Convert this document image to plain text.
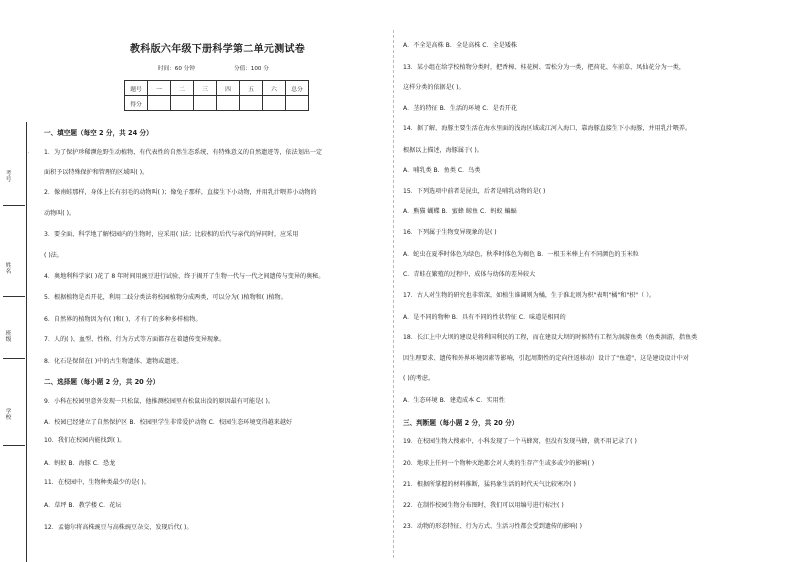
·
考号
姓名
班级
学校
教科版六年级下册科学第二单元测试卷
时间：60 分钟	分值：100 分
题号	一	二	三	四	五	六	总分
得分							
一、填空题（每空 2 分，共 24 分）
1．为了保护珍稀濒危野生动植物、有代表性的自然生态系统、有特殊意义的自然遗迹等，依法划出一定
面积予以特殊保护和管理的区域叫( )。
2．像南蛙那样，身体上长有羽毛的动物叫( )；像兔子那样，直接生下小动物，并用乳汁喂养小动物的
动物叫( )。
3．要全面、科学地了解校园内的生物时，应采用( )法；比较相的后代与亲代的异同时，应采用
( )法。
4．奥地利科学家( )花了 8 年时间用豌豆进行试验，终于揭开了生物一代与一代之间遗传与变异的奥秘。
5．根据植物是否开花，利用二歧分类法将校园植物分成两类，可以分为( )植物和( )植物。
6．自然界的植物因为有( )和( )，才有了的多种多样植物。
7．人的( )、血型、性格、行为方式等方面都存在着遗传变异现象。
8．化石是保留在( )中的古生物遗体、遗物或遗迹。
二、选择题（每小题 2 分，共 20 分）
9．小科在校园里意外发现一只松鼠，他推测校园里有松鼠出没的原因最有可能是( )。
A．校园已经建立了自然保护区 B．校园里学生非常爱护动物 C．校园生态环境变得越来越好
10．我们在校园内能找到( )。
A．蚂蚁 B．海豚 C．恐龙
11．在校园中，生物种类最少的是( )。
A．草坪 B．教学楼 C．花坛
12．孟德尔将高株豌豆与高株豌豆杂交，发现后代( )。
A．不全是高株 B．全是高株 C．全是矮株
13．某小组在给学校植物分类时，把香樟、桂花树、雪松分为一类，把荷花、车前草、凤仙花分为一类，
这样分类的依据是( )。
A．茎的特征 B．生活的环境 C．是否开花
14．据了解，海豚主要生活在海水里面的浅海区域或江河入海口，靠海豚直接生下小海豚，并用乳汁喂养。
根据以上描述，海豚属于( )。
A．哺乳类 B．鱼类 C．鸟类
15．下列选项中前者是昆虫，后者是哺乳动物的是( )
A．熊猫 蝴蝶 B．蜜蜂 鲸鱼 C．蚂蚁 蝙蝠
16．下列属于生物变异现象的是( )
A．蛇虫在夏季时体色为绿色，秋季时体色为褐色 B．一根玉米棒上有不同颜色的玉米粒
C．青蛙在繁殖的过程中，成体与幼体的差异较大
17．古人对生物的研究也非常深，如植生谁阔则为橘，生于淮北则为枳"表明"橘"和"枳"（ ）。
A．是不同的物种 B．具有不同的性状特征 C．味道是相同的
18．长江上中大坝的建设是将利国利民的工程，而在建设大坝的时候特有工程为洄游鱼类（鱼类洄游，指鱼类
因生理要求、遗传和外界环境因素等影响，引起周期性的定向往返移动）设计了"鱼道"，这是建设设计中对
( )的考虑。
A．生态环境 B．建造成本 C．实用性
三、判断题（每小题 2 分，共 20 分）
19．在校园生物大搜索中，小科发现了一个马蜂窝，但没有发现马蜂，就不用记录了( )
20．地球上任何一个物种灭绝都会对人类的生存产生或多或少的影响( )
21．根据所掌握的材料推断，猛犸象生活的时代天气比较寒冷( )
22．在制作校园生物分布图时，我们可以用编号进行标注( )
23．动物的形态特征、行为方式、生活习性都会受到遗传的影响( )
